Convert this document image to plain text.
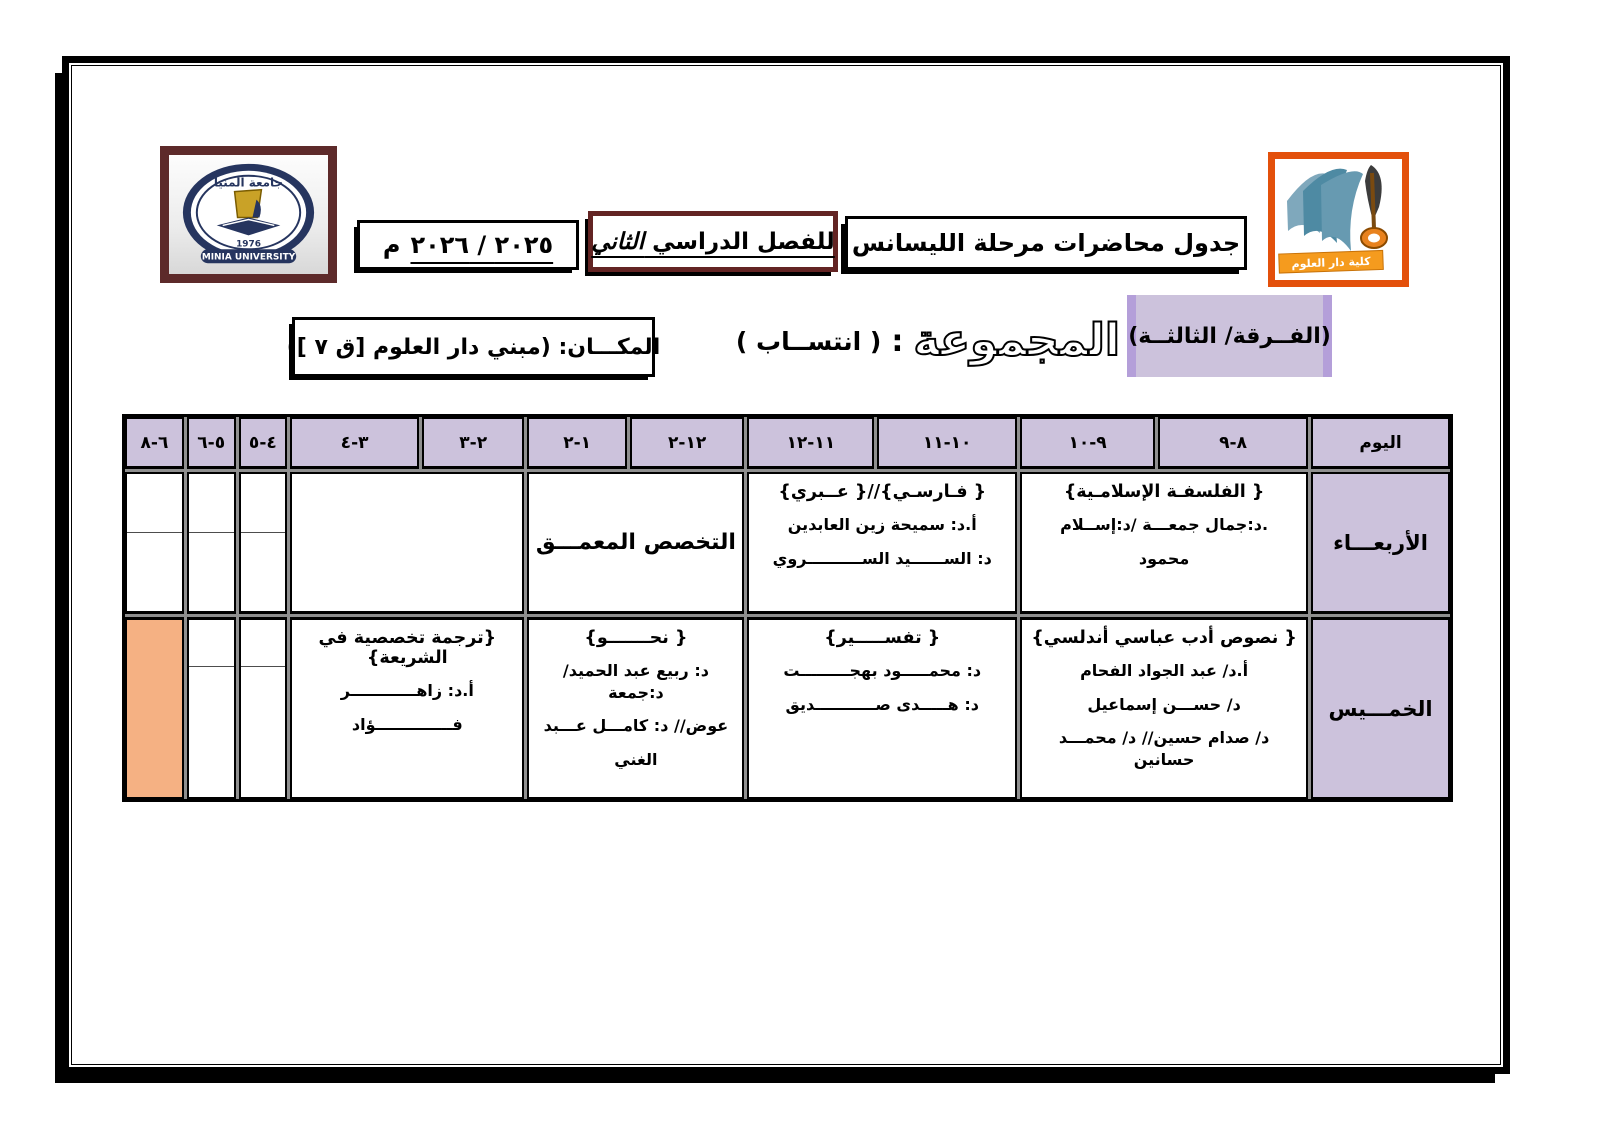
كلية دار العلوم
جامعة المنيا
1976
MINIA UNIVERSITY
جدول محاضرات مرحلة الليسانس
للفصل الدراسي الثاني
٢٠٢٥ / ٢٠٢٦
م
(الفــرقة/ الثالثــة)
المجموعة
:
( انتســاب )
المكـــان: (مبني دار العلوم [ق ٧ ])
اليوم
٨-٩
٩-١٠
١٠-١١
١١-١٢
١٢-٢
١-٢
٢-٣
٣-٤
٤-٥
٥-٦
٦-٨
الأربعـــاء
{ الفلسفـة الإسلامـية}
.د:جمال جمعـــة /د:إســلام
محمود
{ فـارسـي}//{ عــبري}
أ.د: سميحة زين العابدين
د: الســــــيد الســــــــــروي
التخصص المعمـــق
الخمـــيس
{ نصوص أدب عباسي أندلسي}
أ.د/ عبد الجواد الفحام
د/ حســـن إسماعيل
د/ صدام حسين// د/ محمـــد حسانين
{ تفســـــير}
د: محمـــــود بهجـــــــــت
د: هـــــدى صـــــــــــديق
{ نحـــــــو}
د: ربيع عبد الحميد/ د:جمعة
عوض// د: كامـــل عـــبد
الغني
{ترجمة تخصصية في الشريعة}
أ.د: زاهــــــــــــر
فــــــــــــــؤاد
